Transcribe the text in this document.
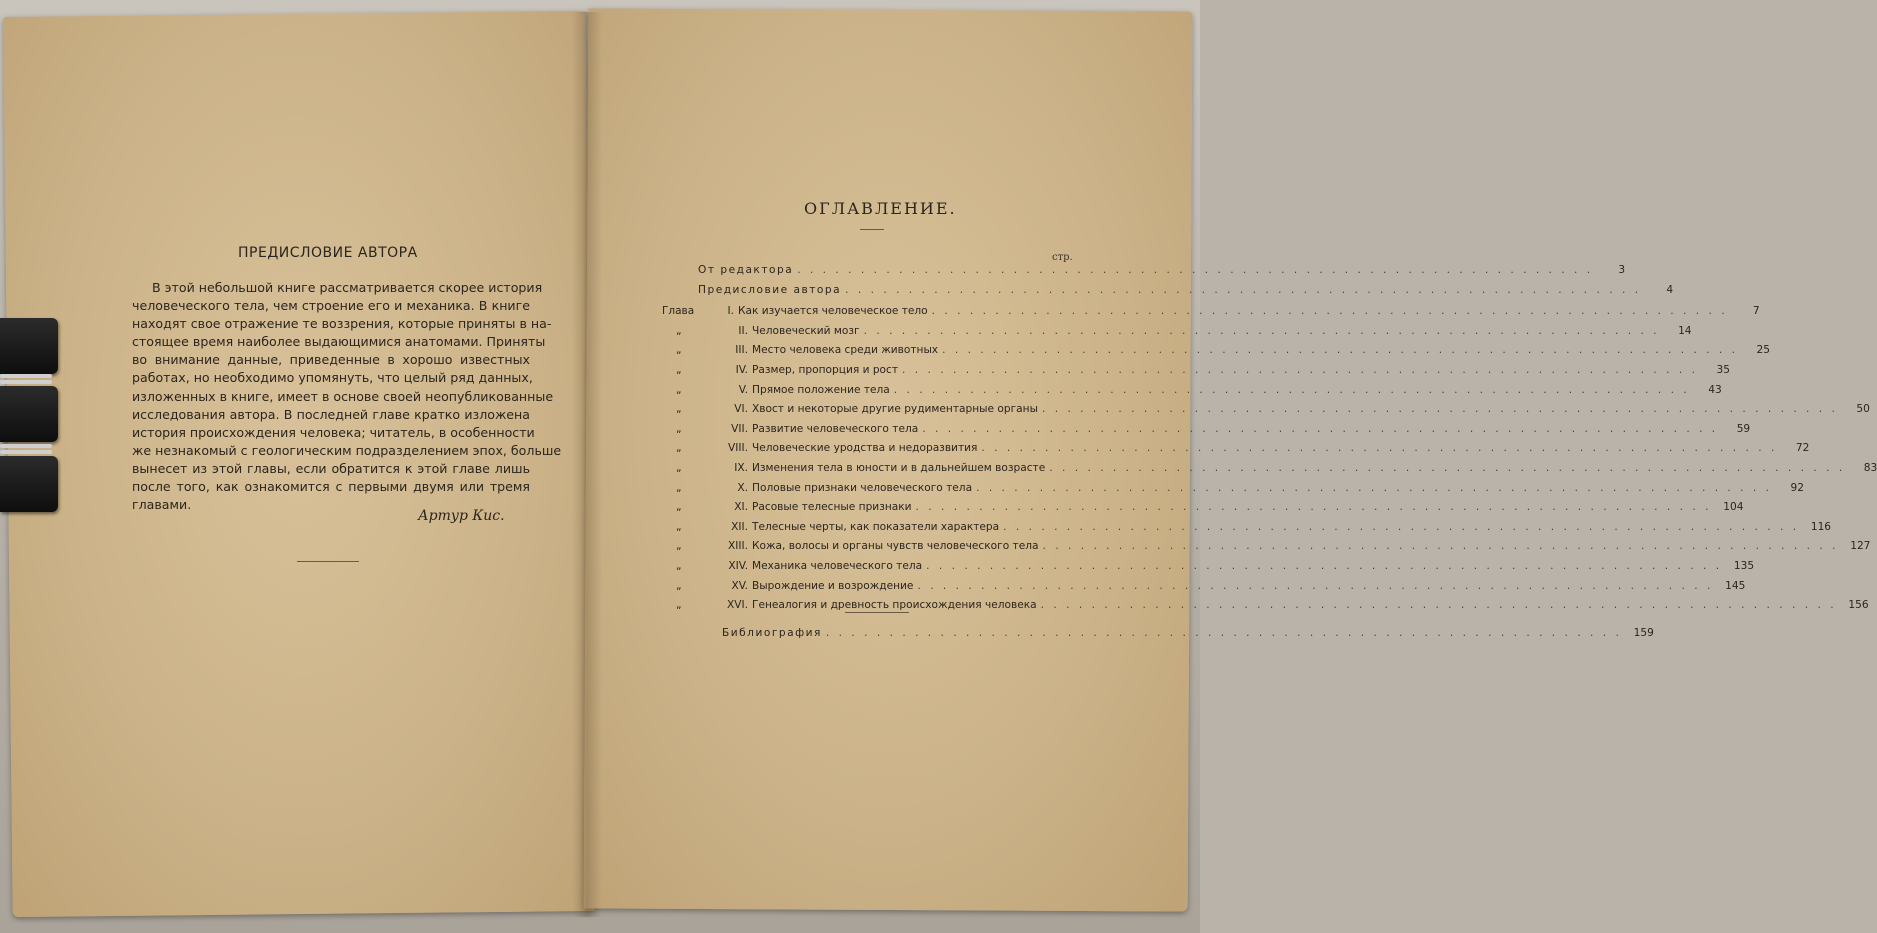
ПРЕДИСЛОВИЕ АВТОРА
В этой небольшой книге рассматривается скорее история
человеческого тела, чем строение его и механика. В книге
находят свое отражение те воззрения, которые приняты в на-
стоящее время наиболее выдающимися анатомами. Приняты
во внимание данные, приведенные в хорошо известных
работах, но необходимо упомянуть, что целый ряд данных,
изложенных в книге, имеет в основе своей неопубликованные
исследования автора. В последней главе кратко изложена
история происхождения человека; читатель, в особенности
же незнакомый с геологическим подразделением эпох, больше
вынесет из этой главы, если обратится к этой главе лишь
после того, как ознакомится с первыми двумя или тремя
главами.
Артур Кис.
ОГЛАВЛЕНИЕ.
стр.
От редактора . . .	3
Предисловие автора . . .	4
Глава	I. Как изучается человеческое тело . . .	7
„	II. Человеческий мозг . . .	14
„	III. Место человека среди животных . . .	25
„	IV. Размер, пропорция и рост . . .	35
„	V. Прямое положение тела . . .	43
„	VI. Хвост и некоторые другие рудиментарные органы . . .	50
„	VII. Развитие человеческого тела . . .	59
„	VIII. Человеческие уродства и недоразвития . . .	72
„	IX. Изменения тела в юности и в дальнейшем возрасте . . .	83
„	X. Половые признаки человеческого тела . . .	92
„	XI. Расовые телесные признаки . . .	104
„	XII. Телесные черты, как показатели характера . . .	116
„	XIII. Кожа, волосы и органы чувств человеческого тела . . .	127
„	XIV. Механика человеческого тела . . .	135
„	XV. Вырождение и возрождение . . .	145
„	XVI. Генеалогия и древность происхождения человека . . .	156
Библиография . . .	159
